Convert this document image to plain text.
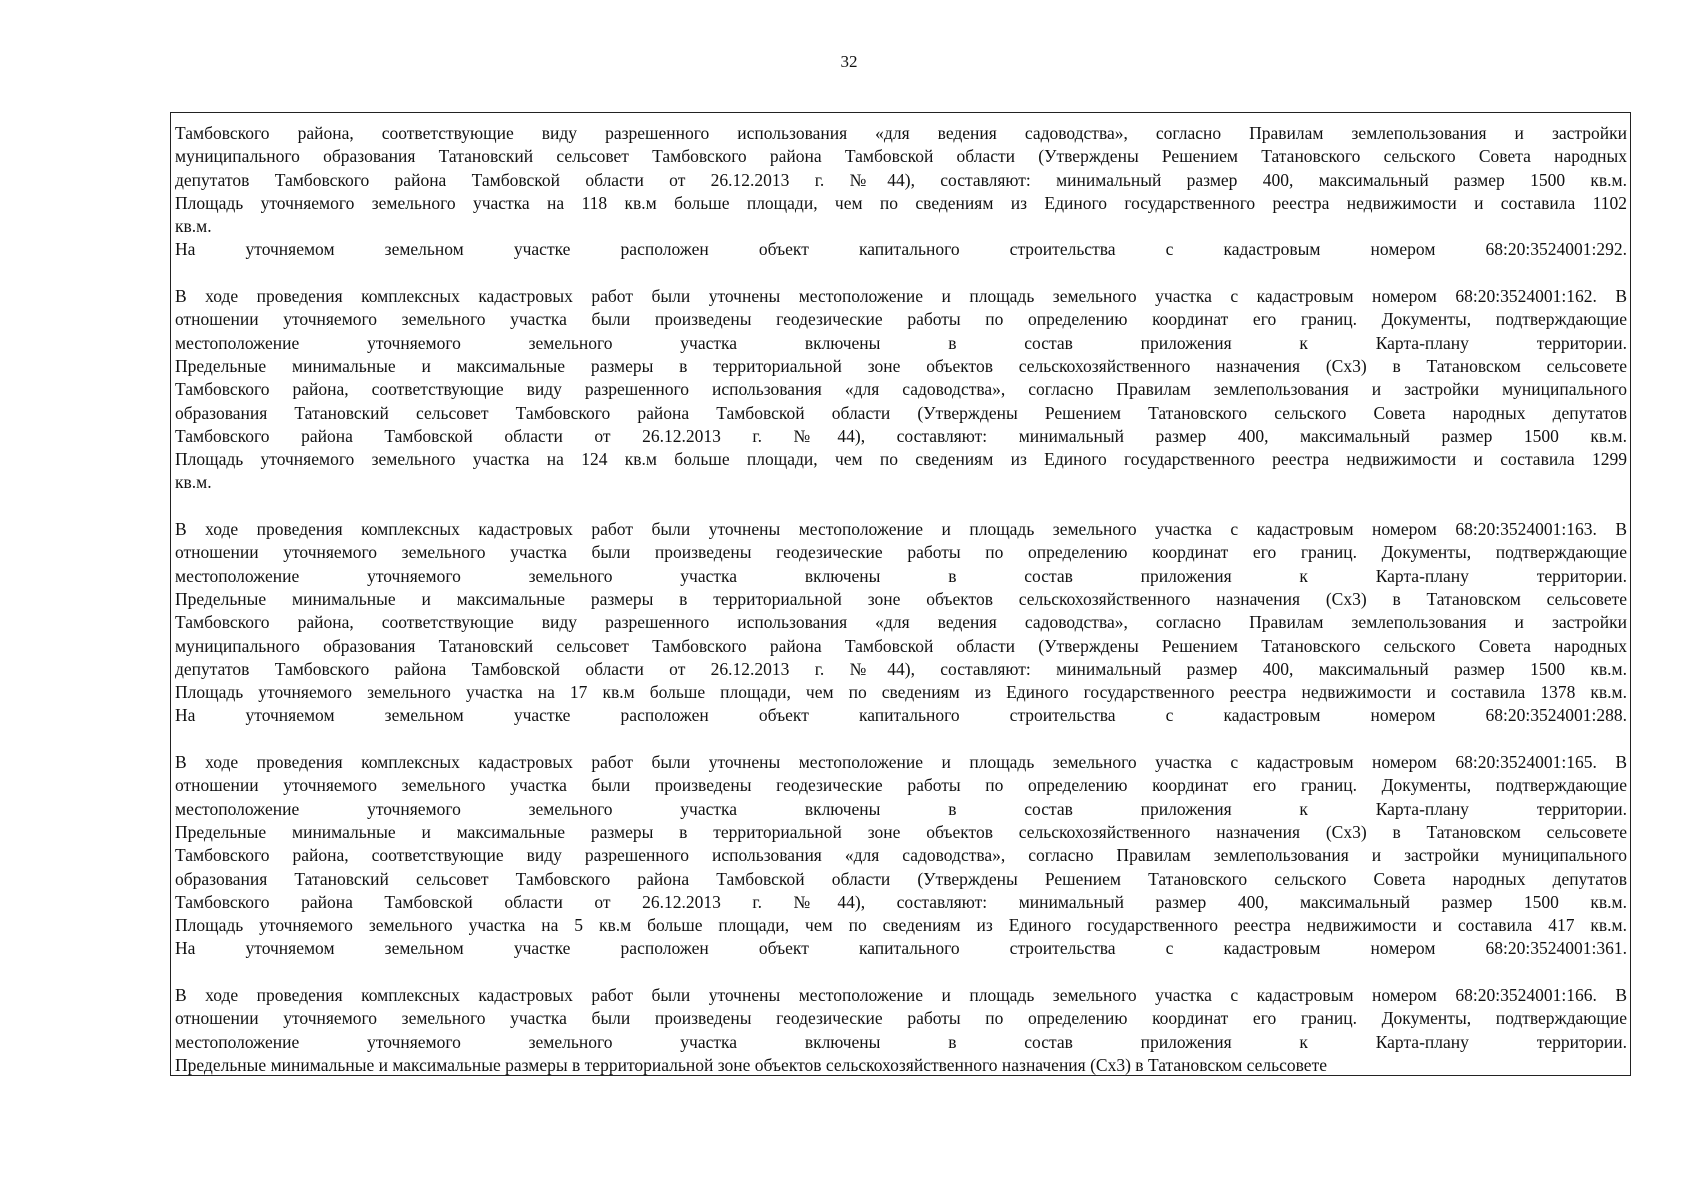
32
Тамбовского района, соответствующие виду разрешенного использования «для ведения садоводства», согласно Правилам землепользования и застройки
муниципального образования Татановский сельсовет Тамбовского района Тамбовской области (Утверждены Решением Татановского сельского Совета народных
депутатов Тамбовского района Тамбовской области от 26.12.2013 г. №44), составляют: минимальный размер 400, максимальный размер 1500 кв.м.
Площадь уточняемого земельного участка на 118 кв.м больше площади, чем по сведениям из Единого государственного реестра недвижимости и составила 1102
кв.м.
На уточняемом земельном участке расположен объект капитального строительства с кадастровым номером 68:20:3524001:292.
В ходе проведения комплексных кадастровых работ были уточнены местоположение и площадь земельного участка с кадастровым номером 68:20:3524001:162. В
отношении уточняемого земельного участка были произведены геодезические работы по определению координат его границ. Документы, подтверждающие
местоположение уточняемого земельного участка включены в состав приложения к Карта-плану территории.
Предельные минимальные и максимальные размеры в территориальной зоне объектов сельскохозяйственного назначения (Сх3) в Татановском сельсовете
Тамбовского района, соответствующие виду разрешенного использования «для садоводства», согласно Правилам землепользования и застройки муниципального
образования Татановский сельсовет Тамбовского района Тамбовской области (Утверждены Решением Татановского сельского Совета народных депутатов
Тамбовского района Тамбовской области от 26.12.2013 г. №44), составляют: минимальный размер 400, максимальный размер 1500 кв.м.
Площадь уточняемого земельного участка на 124 кв.м больше площади, чем по сведениям из Единого государственного реестра недвижимости и составила 1299
кв.м.
В ходе проведения комплексных кадастровых работ были уточнены местоположение и площадь земельного участка с кадастровым номером 68:20:3524001:163. В
отношении уточняемого земельного участка были произведены геодезические работы по определению координат его границ. Документы, подтверждающие
местоположение уточняемого земельного участка включены в состав приложения к Карта-плану территории.
Предельные минимальные и максимальные размеры в территориальной зоне объектов сельскохозяйственного назначения (Сх3) в Татановском сельсовете
Тамбовского района, соответствующие виду разрешенного использования «для ведения садоводства», согласно Правилам землепользования и застройки
муниципального образования Татановский сельсовет Тамбовского района Тамбовской области (Утверждены Решением Татановского сельского Совета народных
депутатов Тамбовского района Тамбовской области от 26.12.2013 г. №44), составляют: минимальный размер 400, максимальный размер 1500 кв.м.
Площадь уточняемого земельного участка на 17 кв.м больше площади, чем по сведениям из Единого государственного реестра недвижимости и составила 1378 кв.м.
На уточняемом земельном участке расположен объект капитального строительства с кадастровым номером 68:20:3524001:288.
В ходе проведения комплексных кадастровых работ были уточнены местоположение и площадь земельного участка с кадастровым номером 68:20:3524001:165. В
отношении уточняемого земельного участка были произведены геодезические работы по определению координат его границ. Документы, подтверждающие
местоположение уточняемого земельного участка включены в состав приложения к Карта-плану территории.
Предельные минимальные и максимальные размеры в территориальной зоне объектов сельскохозяйственного назначения (Сх3) в Татановском сельсовете
Тамбовского района, соответствующие виду разрешенного использования «для садоводства», согласно Правилам землепользования и застройки муниципального
образования Татановский сельсовет Тамбовского района Тамбовской области (Утверждены Решением Татановского сельского Совета народных депутатов
Тамбовского района Тамбовской области от 26.12.2013 г. №44), составляют: минимальный размер 400, максимальный размер 1500 кв.м.
Площадь уточняемого земельного участка на 5 кв.м больше площади, чем по сведениям из Единого государственного реестра недвижимости и составила 417 кв.м.
На уточняемом земельном участке расположен объект капитального строительства с кадастровым номером 68:20:3524001:361.
В ходе проведения комплексных кадастровых работ были уточнены местоположение и площадь земельного участка с кадастровым номером 68:20:3524001:166. В
отношении уточняемого земельного участка были произведены геодезические работы по определению координат его границ. Документы, подтверждающие
местоположение уточняемого земельного участка включены в состав приложения к Карта-плану территории.
Предельные минимальные и максимальные размеры в территориальной зоне объектов сельскохозяйственного назначения (Сх3) в Татановском сельсовете
